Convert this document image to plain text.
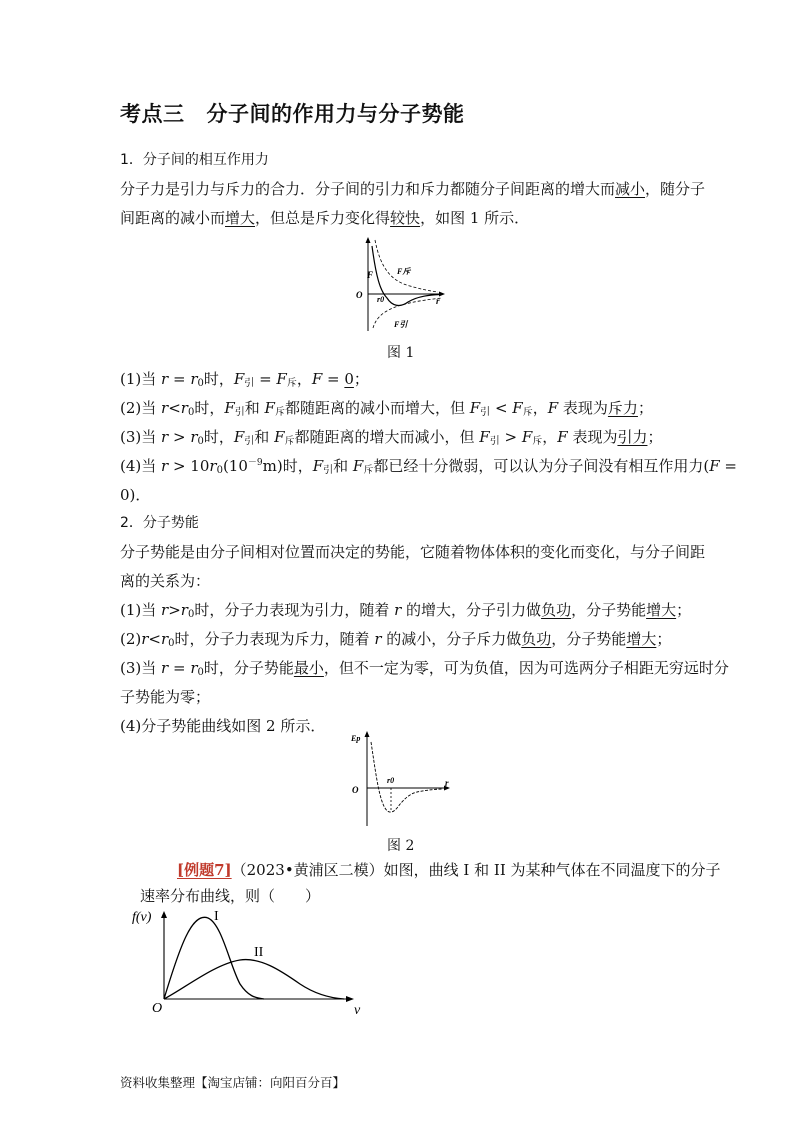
考点三 分子间的作用力与分子势能
1．分子间的相互作用力
分子力是引力与斥力的合力．分子间的引力和斥力都随分子间距离的增大而减小，随分子
间距离的减小而增大，但总是斥力变化得较快，如图 1 所示．
F	F斥
O r0	r
F引
图 1
(1)当 $r = r_0$时，$F_引 = F_斥$，F = 0；
(2)当 $r<r_0$时，$F_引$和 $F_斥$都随距离的减小而增大，但 $F_引 < F_斥$，F 表现为斥力；
(3)当 $r > r_0$时，$F_引$和 $F_斥$都随距离的增大而减小，但 $F_引 > F_斥$，F 表现为引力；
(4)当 $r > 10r_0(10^{-9}m)$时，$F_引$和 $F_斥$都已经十分微弱，可以认为分子间没有相互作用力(F =
0)．
2．分子势能
分子势能是由分子间相对位置而决定的势能，它随着物体体积的变化而变化，与分子间距
离的关系为：
(1)当 $r>r_0$时，分子力表现为引力，随着 r 的增大，分子引力做负功，分子势能增大；
$(2)r<r_0$时，分子力表现为斥力，随着 r 的减小，分子斥力做负功，分子势能增大；
(3)当 $r = r_0$时，分子势能最小，但不一定为零，可为负值，因为可选两分子相距无穷远时分
子势能为零；
(4)分子势能曲线如图 2 所示．
Ep
O
r0	r
图 2
[例题7]（2023•黄浦区二模）如图，曲线 I 和 II 为某种气体在不同温度下的分子
速率分布曲线，则（　　）
f(v)	I
II
O	v
资料收集整理【淘宝店铺：向阳百分百】
